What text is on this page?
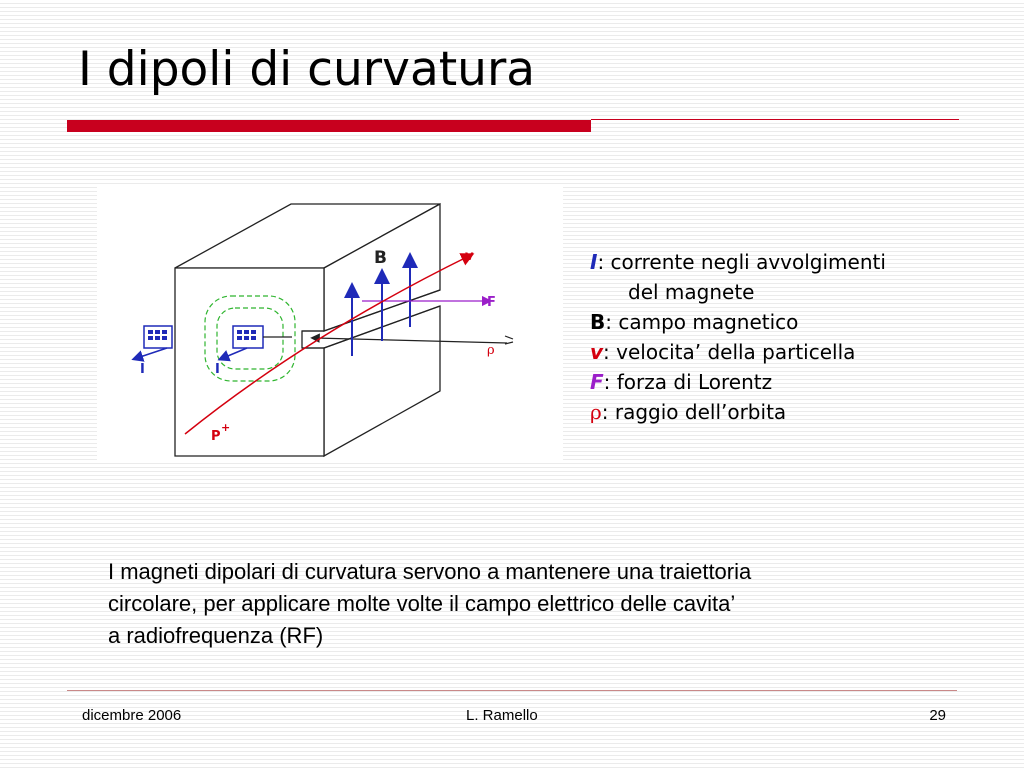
I dipoli di curvatura
B	v
F
ρ
I	I
P
+
I: corrente negli avvolgimenti
del magnete
B: campo magnetico
v: velocita’ della particella
F: forza di Lorentz
ρ: raggio dell’orbita
I magneti dipolari di curvatura servono a mantenere una traiettoria
circolare, per applicare molte volte il campo elettrico delle cavita’
a radiofrequenza (RF)
dicembre 2006	L. Ramello	29
